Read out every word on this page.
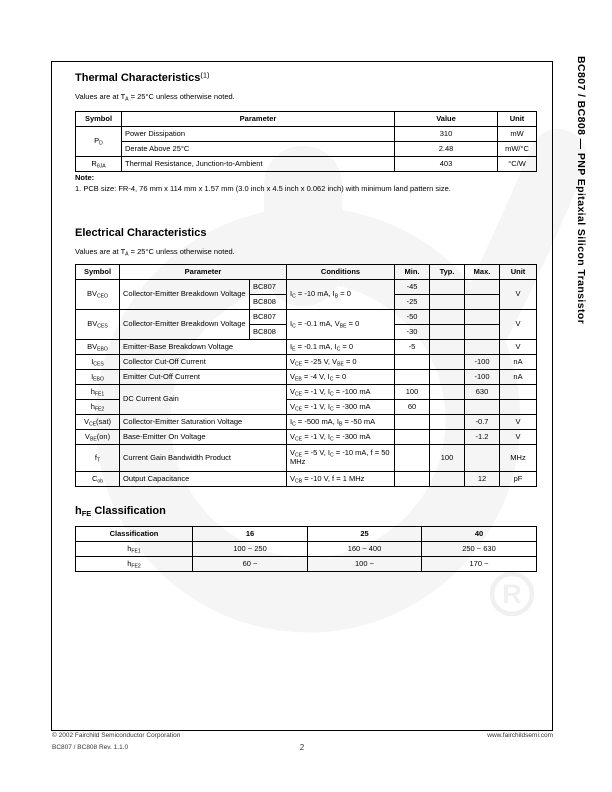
R
BC807 / BC808 — PNP Epitaxial Silicon Transistor
Thermal Characteristics$^{(1)}$
Values are at $T_A = 25^\circ C$ unless otherwise noted.
Symbol	Parameter	Value	Unit
$P_D$	Power Dissipation	310	mW
	Derate Above 25°C	2.48	mW/°C
$R_{\theta JA}$	Thermal Resistance, Junction-to-Ambient	403	°C/W
Note:
1. PCB size: FR-4, 76 mm x 114 mm x 1.57 mm (3.0 inch x 4.5 inch x 0.062 inch) with minimum land pattern size.
Electrical Characteristics
Values are at $T_A = 25^\circ C$ unless otherwise noted.
Symbol	Parameter		Conditions	Min.	Typ.	Max.	Unit
$BV_{CEO}$	Collector-Emitter Breakdown Voltage	BC807	$I_C = -10$ mA, $I_B = 0$	-45			V
		BC808		-25			
$BV_{CES}$	Collector-Emitter Breakdown Voltage	BC807	$I_C = -0.1$ mA, $V_{BE} = 0$	-50			V
		BC808		-30			
$BV_{EBO}$	Emitter-Base Breakdown Voltage		$I_E = -0.1$ mA, $I_C = 0$	-5			V
$I_{CES}$	Collector Cut-Off Current		$V_{CE} = -25$ V, $V_{BE} = 0$			-100	nA
$I_{EBO}$	Emitter Cut-Off Current		$V_{EB} = -4$ V, $I_C = 0$			-100	nA
$h_{FE1}$	DC Current Gain		$V_{CE} = -1$ V, $I_C = -100$ mA	100		630	
$h_{FE2}$			$V_{CE} = -1$ V, $I_C = -300$ mA	60			
$V_{CE}(sat)$	Collector-Emitter Saturation Voltage		$I_C = -500$ mA, $I_B = -50$ mA			-0.7	V
$V_{BE}(on)$	Base-Emitter On Voltage		$V_{CE} = -1$ V, $I_C = -300$ mA			-1.2	V
$f_T$	Current Gain Bandwidth Product		$V_{CE} = -5$ V, $I_C = -10$ mA, f = 50 MHz		100		MHz
$C_{ob}$	Output Capacitance		$V_{CB} = -10$ V, f = 1 MHz			12	pF
$h_{FE}$ Classification
Classification	16	25	40
$h_{FE1}$	100 ~ 250	160 ~ 400	250 ~ 630
$h_{FE2}$	60 ~	100 ~	170 ~
© 2002 Fairchild Semiconductor Corporation	www.fairchildsemi.com
BC807 / BC808 Rev. 1.1.0	2
